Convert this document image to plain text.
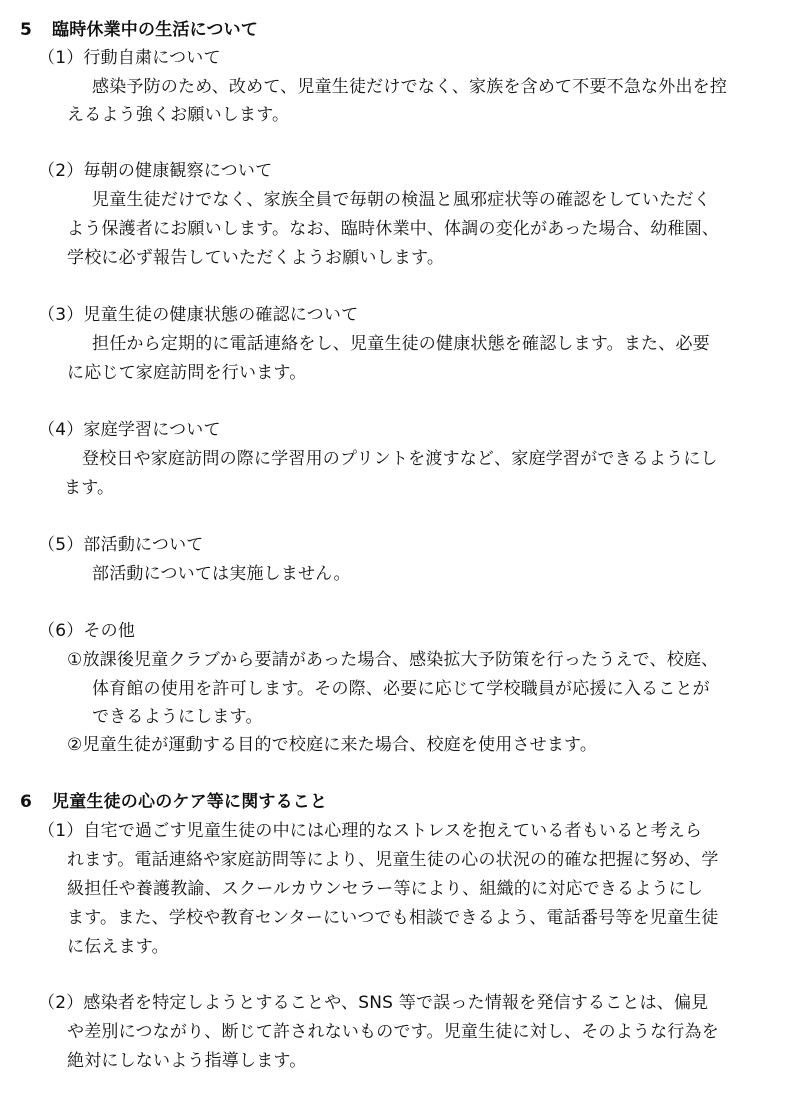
5 臨時休業中の生活について
（1）行動自粛について
感染予防のため、改めて、児童生徒だけでなく、家族を含めて不要不急な外出を控
えるよう強くお願いします。
（2）毎朝の健康観察について
児童生徒だけでなく、家族全員で毎朝の検温と風邪症状等の確認をしていただく
よう保護者にお願いします。なお、臨時休業中、体調の変化があった場合、幼稚園、
学校に必ず報告していただくようお願いします。
（3）児童生徒の健康状態の確認について
担任から定期的に電話連絡をし、児童生徒の健康状態を確認します。また、必要
に応じて家庭訪問を行います。
（4）家庭学習について
登校日や家庭訪問の際に学習用のプリントを渡すなど、家庭学習ができるようにし
ます。
（5）部活動について
部活動については実施しません。
（6）その他
①放課後児童クラブから要請があった場合、感染拡大予防策を行ったうえで、校庭、
体育館の使用を許可します。その際、必要に応じて学校職員が応援に入ることが
できるようにします。
②児童生徒が運動する目的で校庭に来た場合、校庭を使用させます。
6 児童生徒の心のケア等に関すること
（1）自宅で過ごす児童生徒の中には心理的なストレスを抱えている者もいると考えら
れます。電話連絡や家庭訪問等により、児童生徒の心の状況の的確な把握に努め、学
級担任や養護教諭、スクールカウンセラー等により、組織的に対応できるようにし
ます。また、学校や教育センターにいつでも相談できるよう、電話番号等を児童生徒
に伝えます。
（2）感染者を特定しようとすることや、SNS 等で誤った情報を発信することは、偏見
や差別につながり、断じて許されないものです。児童生徒に対し、そのような行為を
絶対にしないよう指導します。
